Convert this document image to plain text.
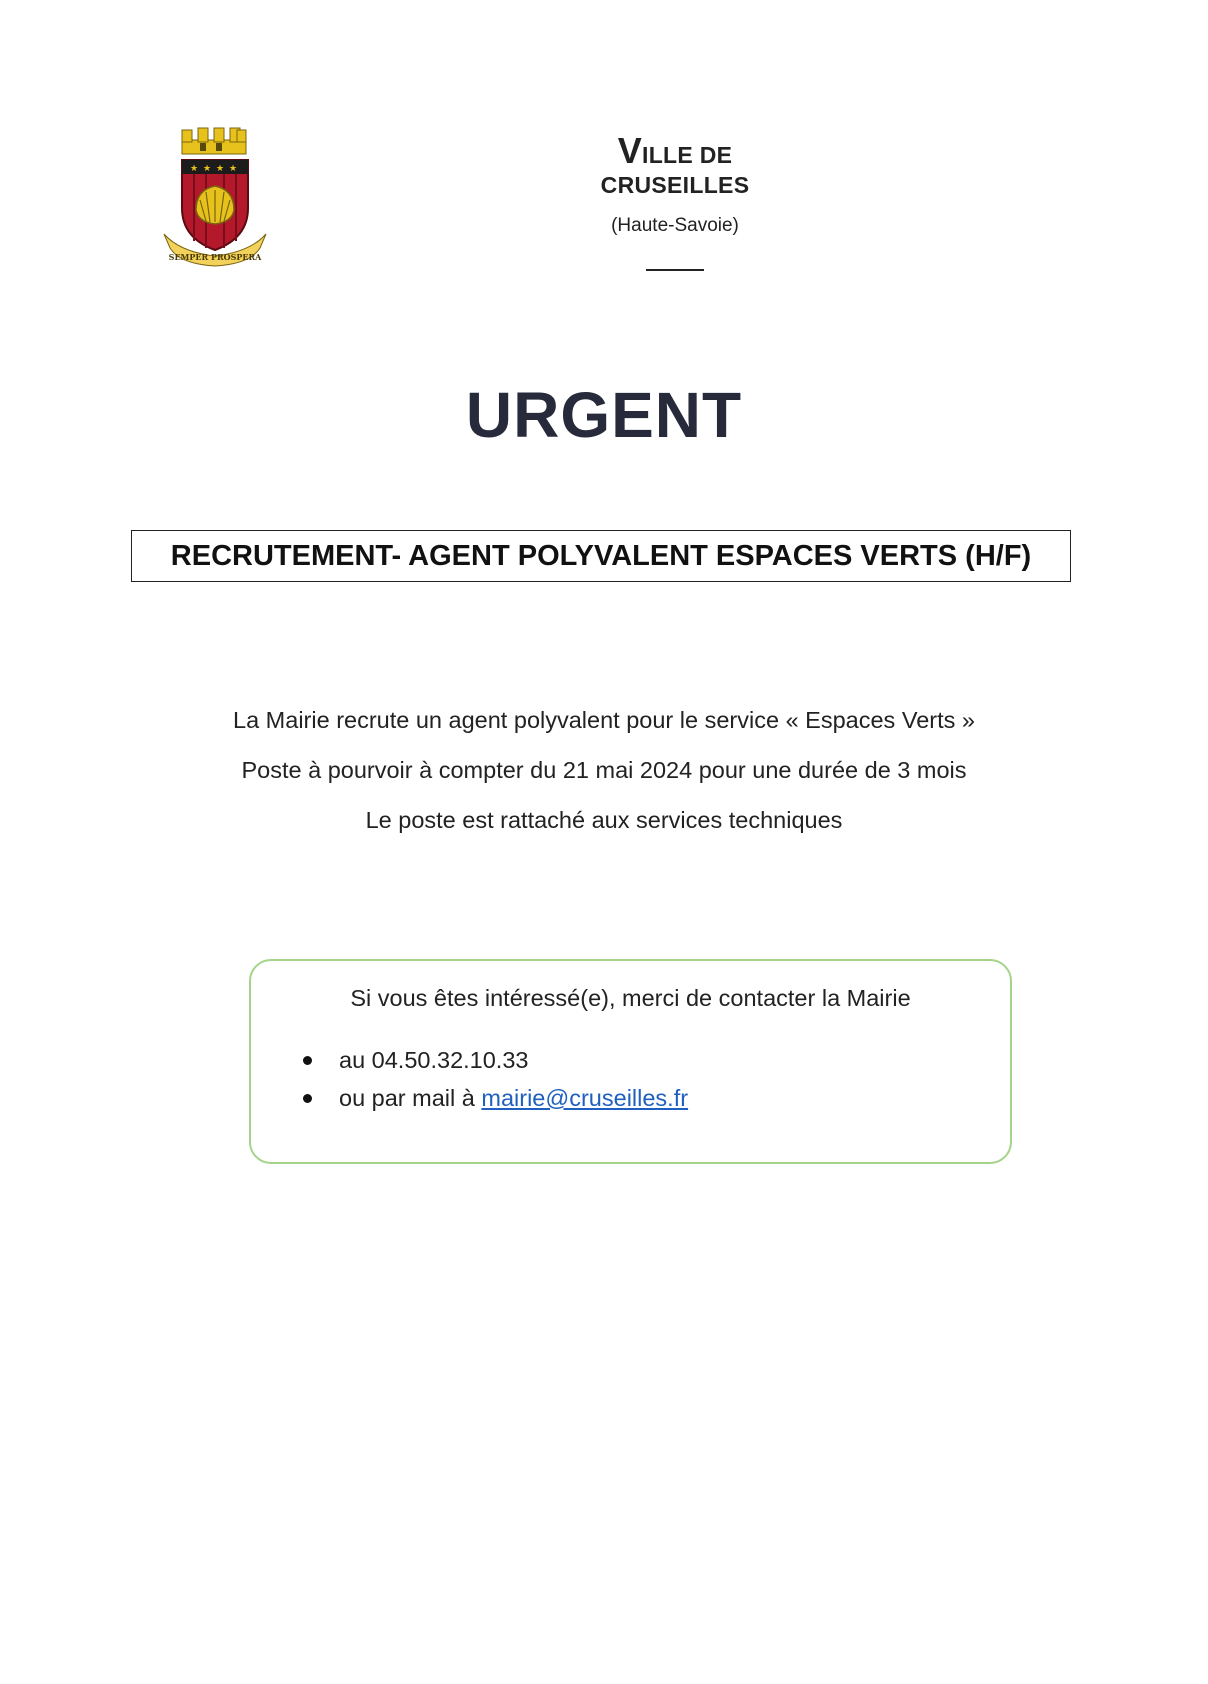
★ ★ ★ ★
SEMPER PROSPERA
VILLE DE CRUSEILLES
(Haute-Savoie)
URGENT
RECRUTEMENT- AGENT POLYVALENT ESPACES VERTS (H/F)

La Mairie recrute un agent polyvalent pour le service « Espaces Verts »

Poste à pourvoir à compter du 21 mai 2024 pour une durée de 3 mois

Le poste est rattaché aux services techniques

Si vous êtes intéressé(e), merci de contacter la Mairie
au 04.50.32.10.33
ou par mail à mairie@cruseilles.fr
